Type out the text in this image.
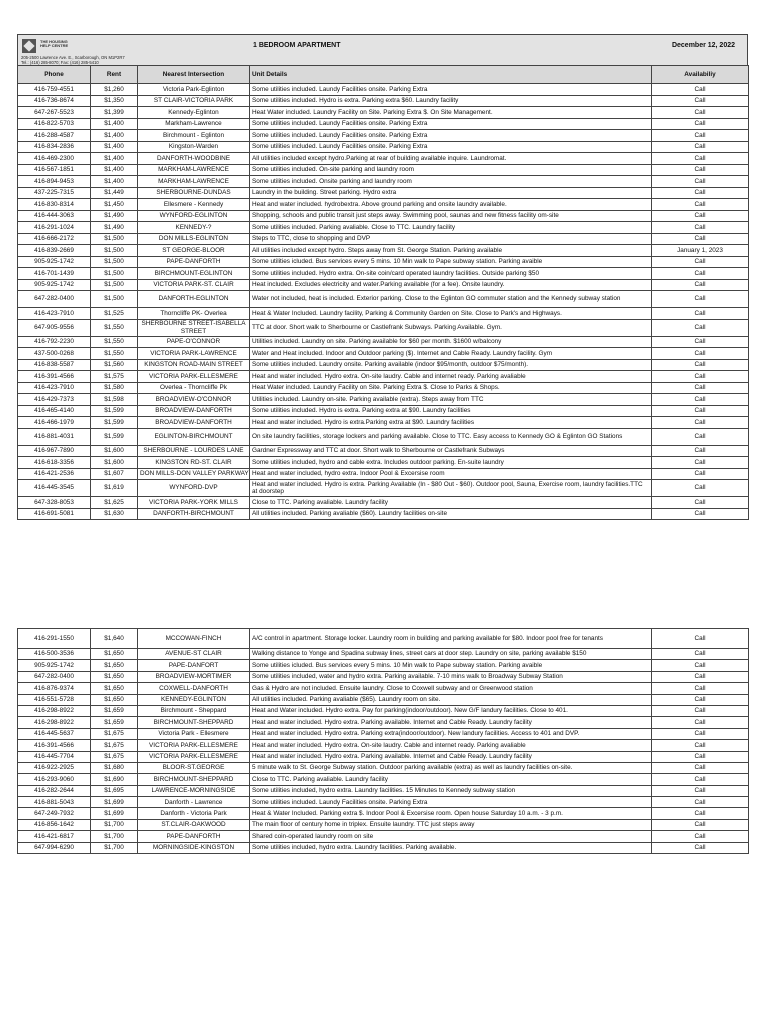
THE HOUSING HELP CENTRE
205-2500 Lawrence Ave. E., Scarborough, ON M1P2R7
Tel.: (416) 285-8070; Fax: (416) 285-5410
1 BEDROOM APARTMENT	December 12, 2022
Phone	Rent	Nearest Intersection	Unit Details	Availabiliy
416-759-4551	$1,260	Victoria Park-Eglinton	Some utilities included. Laundy Facilities onsite. Parking Extra	Call
416-736-8674	$1,350	ST CLAIR-VICTORIA PARK	Some utilities included. Hydro is extra. Parking extra $60. Laundry facility	Call
647-267-5523	$1,399	Kennedy-Eglinton	Heat Water included. Laundry Facility on Site. Parking Extra $. On Site Management.	Call
416-822-5703	$1,400	Markham-Lawrence	Some utilities included. Laundy Facilities onsite. Parking Extra	Call
416-288-4587	$1,400	Birchmount - Eglinton	Some utilities included. Laundy Facilities onsite. Parking Extra	Call
416-834-2836	$1,400	Kingston-Warden	Some utilities included. Laundy Facilities onsite. Parking Extra	Call
416-469-2300	$1,400	DANFORTH-WOODBINE	All utilities included except hydro.Parking at rear of building available inquire. Laundromat.	Call
416-567-1851	$1,400	MARKHAM-LAWRENCE	Some utilities included. On-site parking and laundry room	Call
416-894-9453	$1,400	MARKHAM-LAWRENCE	Some utilities included. Onsite parking and laundry room	Call
437-225-7315	$1,449	SHERBOURNE-DUNDAS	Laundry in the building. Street parking. Hydro extra	Call
416-830-8314	$1,450	Ellesmere - Kennedy	Heat and water included. hydrobextra. Above ground parking and onsite laundry available.	Call
416-444-3063	$1,490	WYNFORD-EGLINTON	Shopping, schools and public transit just steps away. Swimming pool, saunas and new fitness facility om-site	Call
416-291-1024	$1,490	KENNEDY-?	Some utilities included. Parking avaliable. Close to TTC. Laundry facility	Call
416-666-2172	$1,500	DON MILLS-EGLINTON	Steps to TTC, close to shopping and DVP	Call
416-839-2669	$1,500	ST GEORGE-BLOOR	All utilities included except hydro. Steps away from St. George Station. Parking available	January 1, 2023
905-925-1742	$1,500	PAPE-DANFORTH	Some utilities icluded. Bus services every 5 mins. 10 Min walk to Pape subway station. Parking avaible	Call
416-701-1439	$1,500	BIRCHMOUNT-EGLINTON	Some utilities included. Hydro extra. On-site coin/card operated laundry facilities. Outside parking $50	Call
905-925-1742	$1,500	VICTORIA PARK-ST. CLAIR	Heat included. Excludes electricity and water.Parking available (for a fee). Onsite laundry.	Call
647-282-0400	$1,500	DANFORTH-EGLINTON	Water not included, heat is included. Exterior parking. Close to the Eglinton GO commuter station and the Kennedy subway station	Call
416-423-7910	$1,525	Thorncliffe PK- Overlea	Heat & Water Included. Laundry facility, Parking & Community Garden on Site. Close to Park's and Highways.	Call
647-905-9556	$1,550	SHERBOURNE STREET-ISABELLA STREET	TTC at door. Short walk to Sherbourne or Castlefrank Subways. Parking Available. Gym.	Call
416-792-2230	$1,550	PAPE-O'CONNOR	Utilities included. Laundry on site. Parking available for $60 per month. $1600 w/balcony	Call
437-500-0268	$1,550	VICTORIA PARK-LAWRENCE	Water and Heat included. Indoor and Outdoor parking ($). Internet and Cable Ready. Laundry facility. Gym	Call
416-838-5587	$1,560	KINGSTON ROAD-MAIN STREET	Some utilities included. Laundry onsite. Parking available (indoor $95/month, outdoor $75/month).	Call
416-391-4566	$1,575	VICTORIA PARK-ELLESMERE	Heat and water included. Hydro extra. On-site laudry. Cable and internet ready. Parking avaliable	Call
416-423-7910	$1,580	Overlea - Thorncliffe Pk	Heat Water included. Laundry Facility on Site. Parking Extra $. Close to Parks & Shops.	Call
416-429-7373	$1,598	BROADVIEW-O'CONNOR	Utilities included. Laundry on-site. Parking available (extra). Steps away from TTC	Call
416-465-4140	$1,599	BROADVIEW-DANFORTH	Some utilities included. Hydro is extra. Parking extra at $90. Laundry facilities	Call
416-466-1979	$1,599	BROADVIEW-DANFORTH	Heat and water included. Hydro is extra.Parking extra at $90. Laundry facilities	Call
416-881-4031	$1,599	EGLINTON-BIRCHMOUNT	On site laundry facilities, storage lockers and parking available. Close to TTC. Easy access to Kennedy GO & Eglinton GO Stations	Call
416-967-7890	$1,600	SHERBOURNE - LOURDES LANE	Gardner Expressway and TTC at door. Short walk to Sherbourne or Castlefrank Subways	Call
416-618-3356	$1,600	KINGSTON RD-ST. CLAIR	Some utilities included, hydro and cable extra. Includes outdoor parking. En-suite laundry	Call
416-421-2536	$1,607	DON MILLS-DON VALLEY PARKWAY	Heat and water included, hydro extra. Indoor Pool & Excersise room	Call
416-445-3545	$1,619	WYNFORD-DVP	Heat and water included. Hydro is extra. Parking Available (In - $80 Out - $60). Outdoor pool, Sauna, Exercise room, laundry facilities.TTC at doorstep	Call
647-328-8053	$1,625	VICTORIA PARK-YORK MILLS	Close to TTC. Parking avaliable. Laundry facility	Call
416-691-5081	$1,630	DANFORTH-BIRCHMOUNT	All utilities included. Parking avaliable ($60). Laundry facilities on-site	Call
416-291-1550	$1,640	MCCOWAN-FINCH	A/C control in apartment. Storage locker. Laundry room in building and parking available for $80. Indoor pool free for tenants	Call
416-500-3536	$1,650	AVENUE-ST CLAIR	Walking distance to Yonge and Spadina subway lines, street cars at door step. Laundry on site, parking available $150	Call
905-925-1742	$1,650	PAPE-DANFORT	Some utilities icluded. Bus services every 5 mins. 10 Min walk to Pape subway station. Parking avaible	Call
647-282-0400	$1,650	BROADVIEW-MORTIMER	Some utilities included, water and hydro extra. Parking available. 7-10 mins walk to Broadway Subway Station	Call
416-876-9374	$1,650	COXWELL-DANFORTH	Gas & Hydro are not included. Ensuite laundry. Close to Coxwell subway and or Greenwood station	Call
416-551-5728	$1,650	KENNEDY-EGLINTON	All utilities included. Parking avaliable ($65). Laundry room on site.	Call
416-298-8922	$1,659	Birchmount - Sheppard	Heat and Water included. Hydro extra. Pay for parking(indoor/outdoor). New G/F landury facilities. Close to 401.	Call
416-298-8922	$1,659	BIRCHMOUNT-SHEPPARD	Heat and water included. Hydro extra. Parking available. Internet and Cable Ready. Laundry facility	Call
416-445-5637	$1,675	Victoria Park - Ellesmere	Heat and water included. Hydro extra. Parking extra(indoor/outdoor). New landury facilities. Access to 401 and DVP.	Call
416-391-4566	$1,675	VICTORIA PARK-ELLESMERE	Heat and water included. Hydro extra. On-site laudry. Cable and internet ready. Parking avaliable	Call
416-445-7704	$1,675	VICTORIA PARK-ELLESMERE	Heat and water included. Hydro extra. Parking available. Internet and Cable Ready. Laundry facility	Call
416-922-2925	$1,680	BLOOR-ST.GEORGE	5 minute walk to St. George Subway station. Outdoor parking available (extra) as well as laundry facilities on-site.	Call
416-293-9060	$1,690	BIRCHMOUNT-SHEPPARD	Close to TTC. Parking avaliable. Laundry facility	Call
416-282-2644	$1,695	LAWRENCE-MORNINGSIDE	Some utilities included, hydro extra. Laundry facilities. 15 Minutes to Kennedy subway station	Call
416-881-5043	$1,699	Danforth - Lawrence	Some utilities included. Laundy Facilities onsite. Parking Extra	Call
647-249-7932	$1,699	Danforth - Victoria Park	Heat & Water Included. Parking extra $. Indoor Pool & Excersise room. Open house Saturday 10 a.m. - 3 p.m.	Call
416-856-1642	$1,700	ST.CLAIR-OAKWOOD	The main floor of century home in triplex. Ensuite laundry. TTC just steps away	Call
416-421-6817	$1,700	PAPE-DANFORTH	Shared coin-operated laundry room on site	Call
647-994-6290	$1,700	MORNINGSIDE-KINGSTON	Some utilities included, hydro extra. Laundry facilities. Parking available.	Call
